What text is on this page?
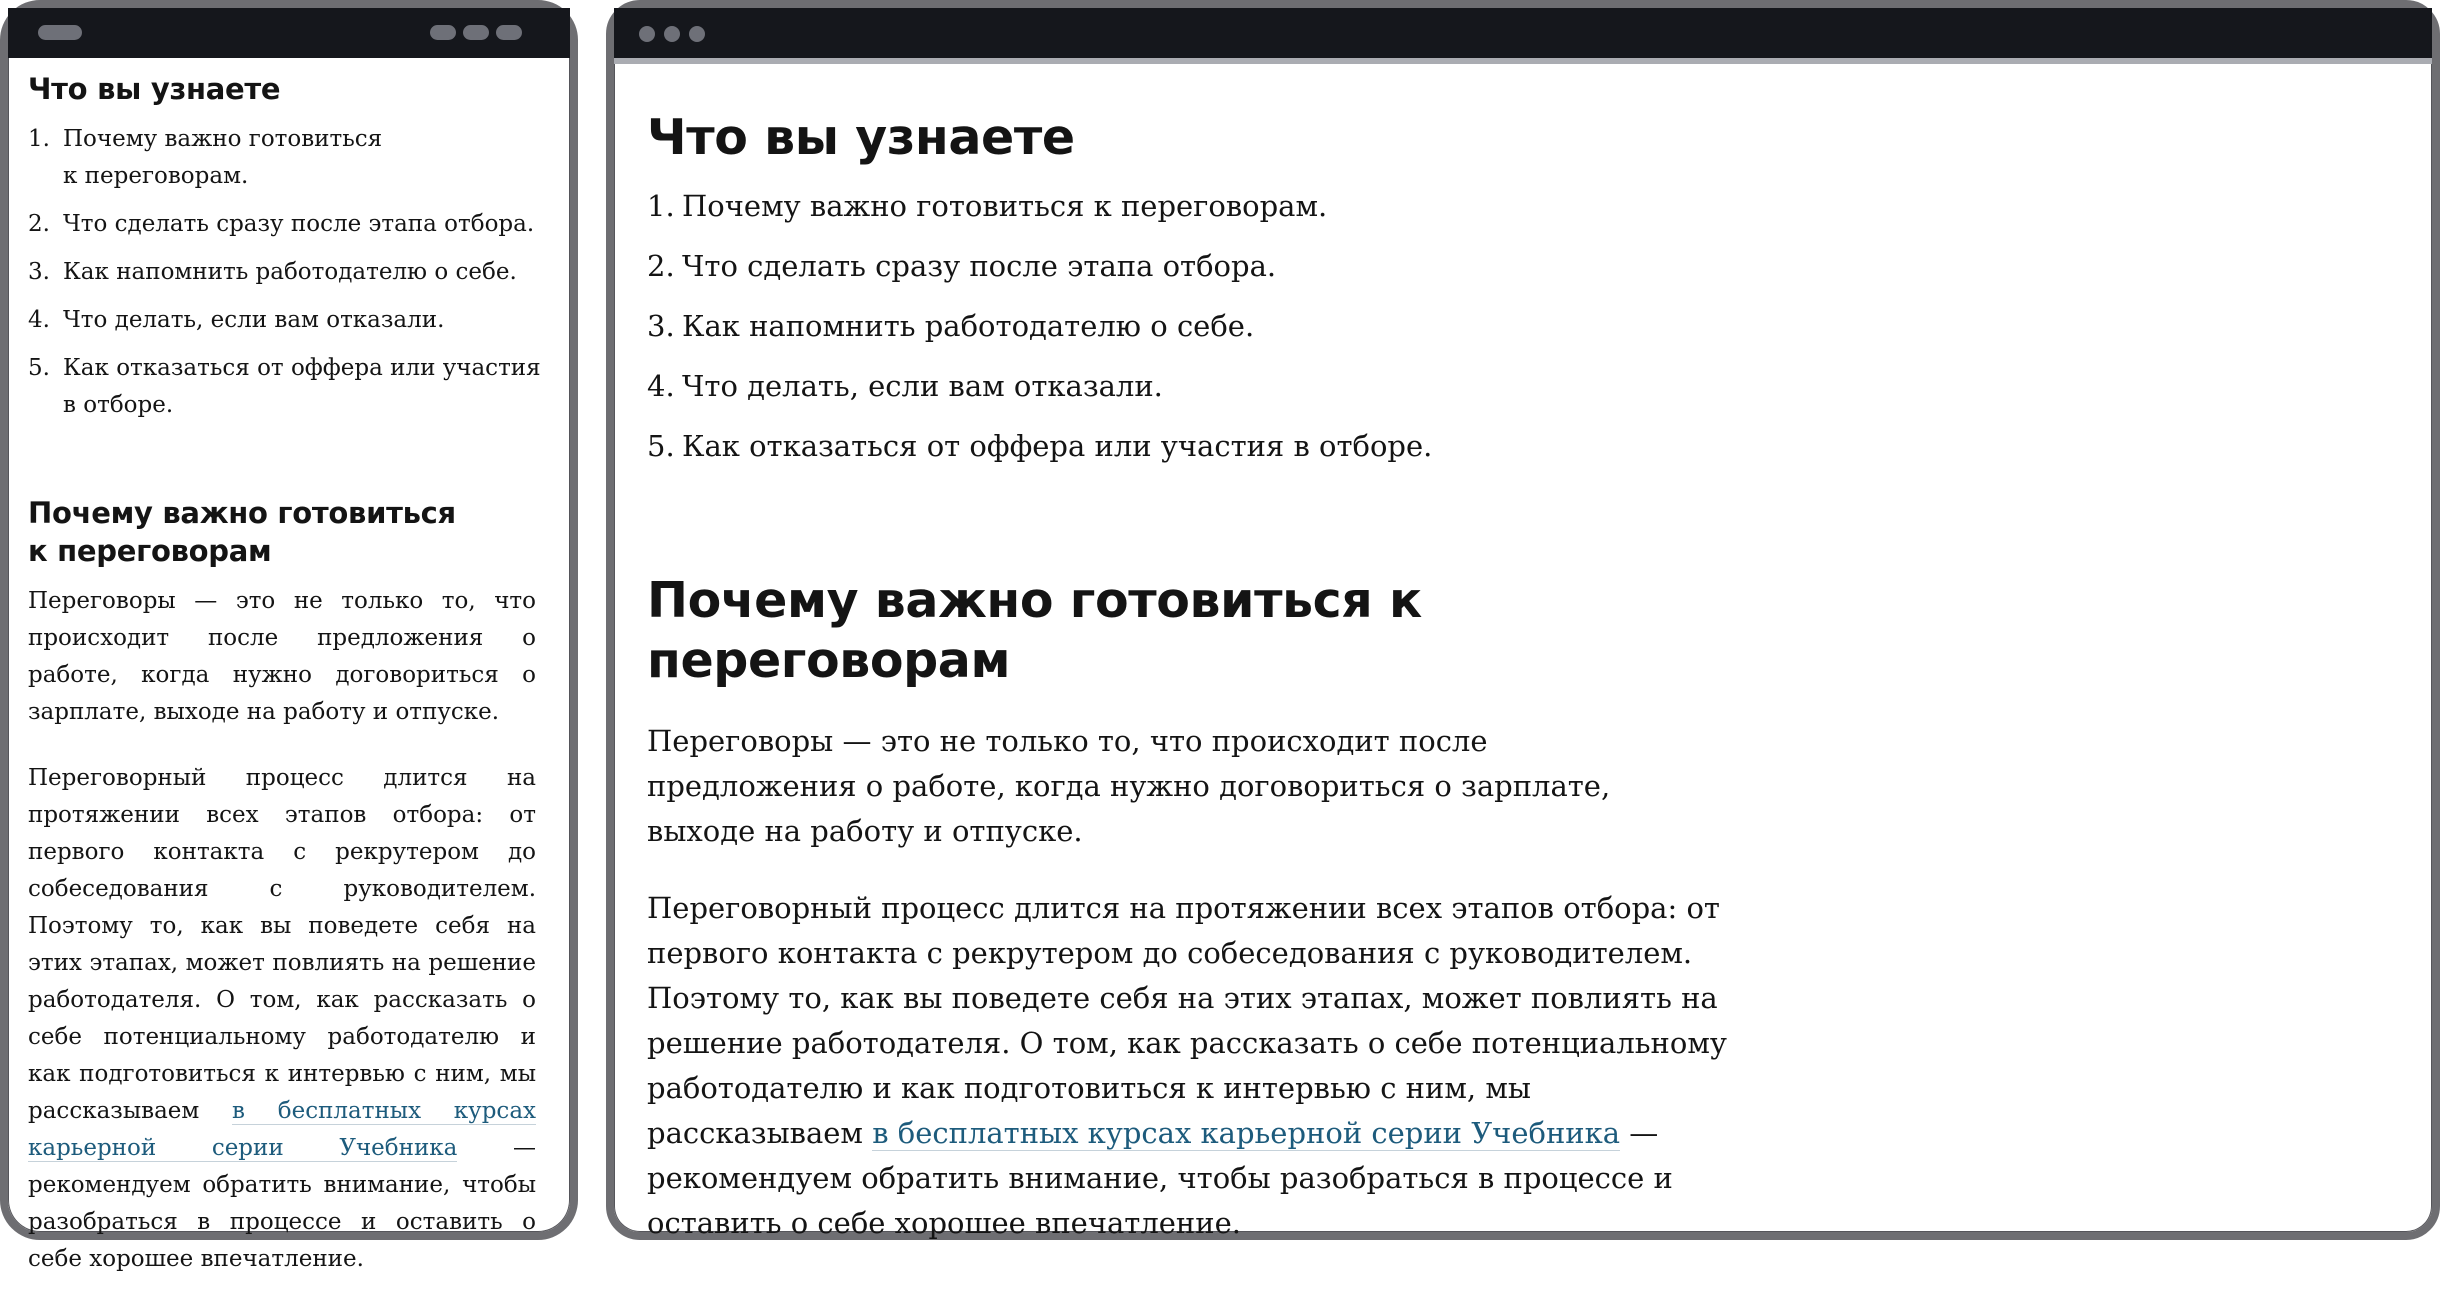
Что вы узнаете
Почему важно готовиться к переговорам.
Что сделать сразу после этапа отбора.
Как напомнить работодателю о себе.
Что делать, если вам отказали.
Как отказаться от оффера или участия в отборе.
Почему важно готовиться к переговорам

Переговоры — это не только то, что происходит после предложения о работе, когда нужно договориться о зарплате, выходе на работу и отпуске.

Переговорный процесс длится на протяжении всех этапов отбора: от первого контакта с рекрутером до собеседования с руководителем. Поэтому то, как вы поведете себя на этих этапах, может повлиять на решение работодателя. О том, как рассказать о себе потенциальному работодателю и как подготовиться к интервью с ним, мы рассказываем в бесплатных курсах карьерной серии Учебника — рекомендуем обратить внимание, чтобы разобраться в процессе и оставить о себе хорошее впечатление.

Что вы узнаете
Почему важно готовиться к переговорам.
Что сделать сразу после этапа отбора.
Как напомнить работодателю о себе.
Что делать, если вам отказали.
Как отказаться от оффера или участия в отборе.
Почему важно готовиться к переговорам

Переговоры — это не только то, что происходит после предложения о работе, когда нужно договориться о зарплате, выходе на работу и отпуске.

Переговорный процесс длится на протяжении всех этапов отбора: от первого контакта с рекрутером до собеседования с руководителем. Поэтому то, как вы поведете себя на этих этапах, может повлиять на решение работодателя. О том, как рассказать о себе потенциальному работодателю и как подготовиться к интервью с ним, мы рассказываем в бесплатных курсах карьерной серии Учебника — рекомендуем обратить внимание, чтобы разобраться в процессе и оставить о себе хорошее впечатление.
